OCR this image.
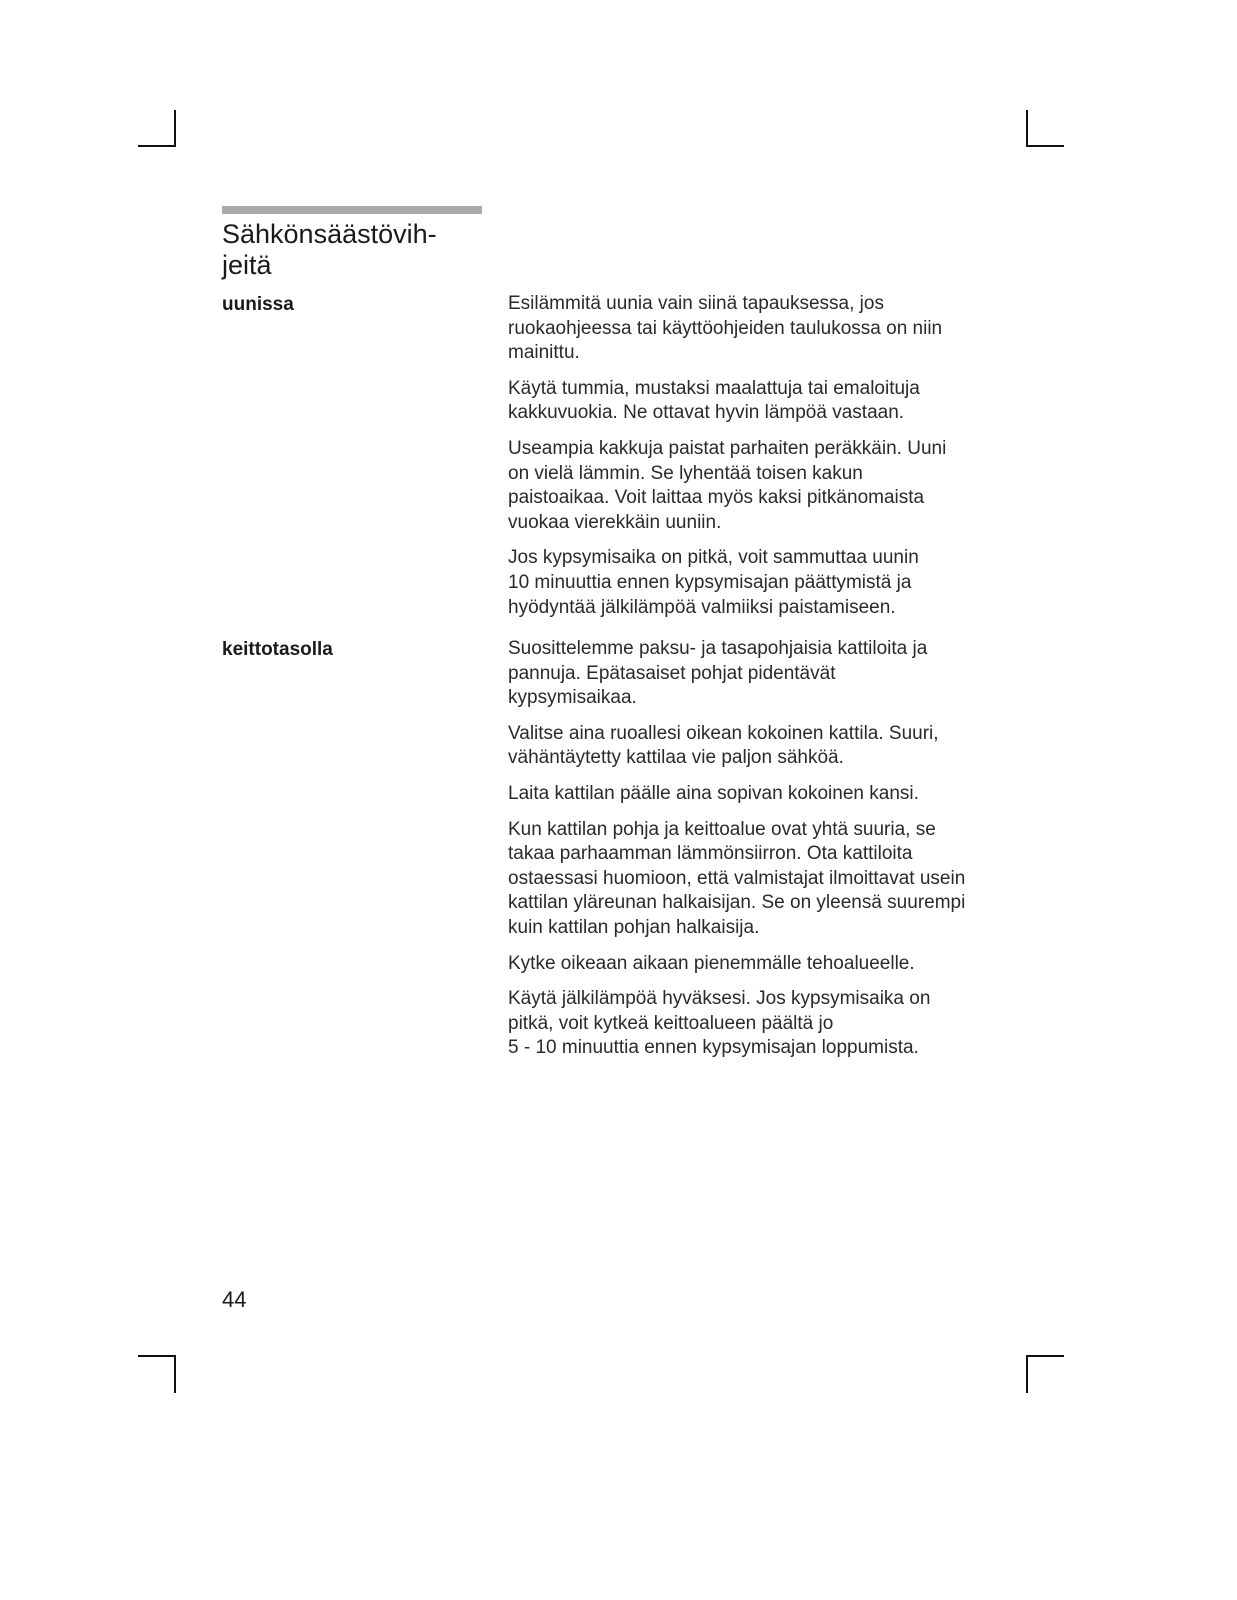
Sähkönsäästövih-
jeitä
uunissa	Esilämmitä uunia vain siinä tapauksessa, jos
ruokaohjeessa tai käyttöohjeiden taulukossa on niin
mainittu.

Käytä tummia, mustaksi maalattuja tai emaloituja
kakkuvuokia. Ne ottavat hyvin lämpöä vastaan.

Useampia kakkuja paistat parhaiten peräkkäin. Uuni
on vielä lämmin. Se lyhentää toisen kakun
paistoaikaa. Voit laittaa myös kaksi pitkänomaista
vuokaa vierekkäin uuniin.

Jos kypsymisaika on pitkä, voit sammuttaa uunin
10 minuuttia ennen kypsymisajan päättymistä ja
hyödyntää jälkilämpöä valmiiksi paistamiseen.

keittotasolla	Suosittelemme paksu- ja tasapohjaisia kattiloita ja
pannuja. Epätasaiset pohjat pidentävät
kypsymisaikaa.

Valitse aina ruoallesi oikean kokoinen kattila. Suuri,
vähäntäytetty kattilaa vie paljon sähköä.

Laita kattilan päälle aina sopivan kokoinen kansi.

Kun kattilan pohja ja keittoalue ovat yhtä suuria, se
takaa parhaamman lämmönsiirron. Ota kattiloita
ostaessasi huomioon, että valmistajat ilmoittavat usein
kattilan yläreunan halkaisijan. Se on yleensä suurempi
kuin kattilan pohjan halkaisija.

Kytke oikeaan aikaan pienemmälle tehoalueelle.

Käytä jälkilämpöä hyväksesi. Jos kypsymisaika on
pitkä, voit kytkeä keittoalueen päältä jo
5 - 10 minuuttia ennen kypsymisajan loppumista.

44
